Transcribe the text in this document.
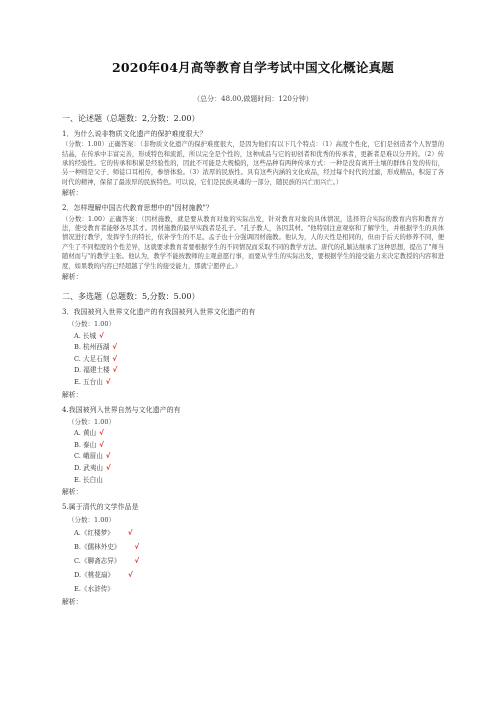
2020年04月高等教育自学考试中国文化概论真题
（总分：48.00,做题时间：120分钟）
一、论述题（总题数：2,分数：2.00）
1．为什么说非物质文化遗产的保护难度很大？
（分数：1.00）正确答案：（非物质文化遗产的保护难度很大，是因为他们有以下几个特点：（1）高度个性化，它们是创造者个人智慧的结晶，在传承中丰富完善，形成特色和流派，所以完全是个性的，这种成品与它的初创者和优秀的传承者，更新者是难以分开的。（2）传承的经验性。它的传承和积累是经验性的，因此不可能是大规模的，这些品种有两种传承方式：一种是没有离开土壤的群体自发的传衍，另一种则是父子、师徒口耳相传，参悟体验。（3）浓厚的民族性。具有这些内涵的文化成品，经过每个时代的过滤，形成精品，积淀了各时代的精神，保留了最浓厚的民族特色。可以说，它们是民族灵魂的一部分，随民族的兴亡而兴亡。）
解析：
2．怎样理解中国古代教育思想中的"因材施教"？
（分数：1.00）正确答案：（因材施教，就是要从教育对象的实际出发，针对教育对象的具体情况，选择符合实际的教育内容和教育方法，使受教育者能够各尽其才。因材施教的最早实践者是孔子。"孔子教人，各因其材。"他特别注意观察和了解学生，并根据学生的具体情况进行教学，发挥学生的特长，依补学生的不足。孟子也十分强调因材施教。他认为，人的天性是相同的，但由于后天的修养不同，便产生了不同程度的个性差异，这就要求教育者要根据学生的不同情况而采取不同的教学方法。唐代的孔颖达继承了这种思想，提出了"师当随材而与"的教学主张。他认为，教学不能按教师的主观意愿行事，而要从学生的实际出发，要根据学生的接受能力来决定教授的内容和进度，如果教的内容已经超越了学生的接受能力，那就宁愿停止。）
解析：
二、多选题（总题数：5,分数：5.00）
3．我国被列入世界文化遗产的有我国被列入世界文化遗产的有
（分数：1.00）
A. 长城 √
B. 杭州西湖 √
C. 大足石刻 √
D. 福建土楼 √
E. 五台山 √
解析：
4.我国被列入世界自然与文化遗产的有
（分数：1.00）
A. 黄山 √
B. 泰山 √
C. 峨眉山 √
D. 武夷山 √
E. 长白山
解析：
5.属于清代的文学作品是
（分数：1.00）
A.《红楼梦》 √
B.《儒林外史》 √
C.《聊斋志异》 √
D.《桃花扇》 √
E.《水浒传》
解析：
